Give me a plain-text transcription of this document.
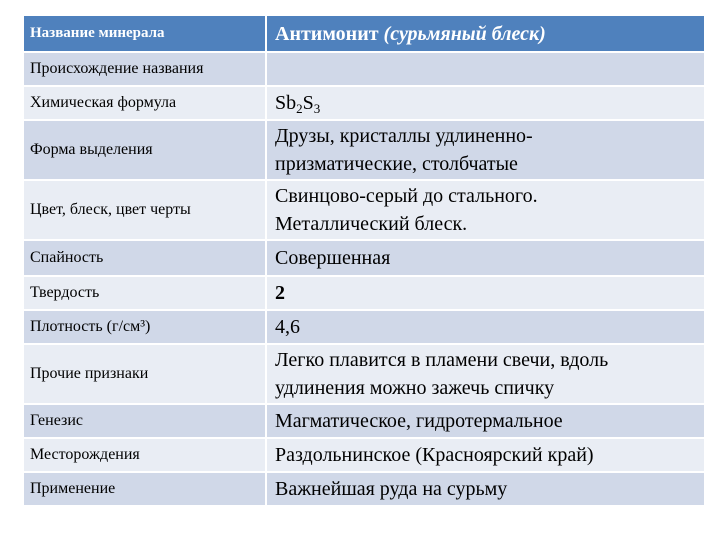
Название минерала	Антимонит (сурьмяный блеск)
Происхождение названия	
Химическая формула	$Sb_2S_3$
Форма выделения	Друзы, кристаллы удлиненно-
призматические, столбчатые

Цвет, блеск, цвет черты	Свинцово-серый до стального.
Металлический блеск.

Спайность	Совершенная
Твердость	2
Плотность (г/см³)	4,6
Прочие признаки	Легко плавится в пламени свечи, вдоль
удлинения можно зажечь спичку

Генезис	Магматическое, гидротермальное
Месторождения	Раздольнинское (Красноярский край)
Применение	Важнейшая руда на сурьму
